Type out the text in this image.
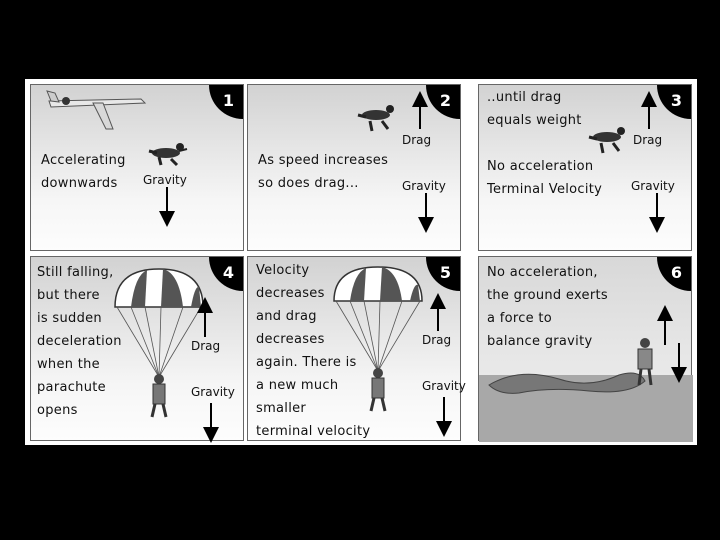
1
Accelerating
downwards	Gravity
2
As speed increases
so does drag...
Drag
Gravity
3
..until drag
equals weight
No acceleration
Terminal Velocity
Drag
Gravity
4
Still falling,
but there
is sudden
deceleration
when the
parachute
opens
Drag
Gravity
5
Velocity
decreases
and drag
decreases
again. There is
a new much
smaller
terminal velocity
Drag
Gravity
6
No acceleration,
the ground exerts
a force to
balance gravity
